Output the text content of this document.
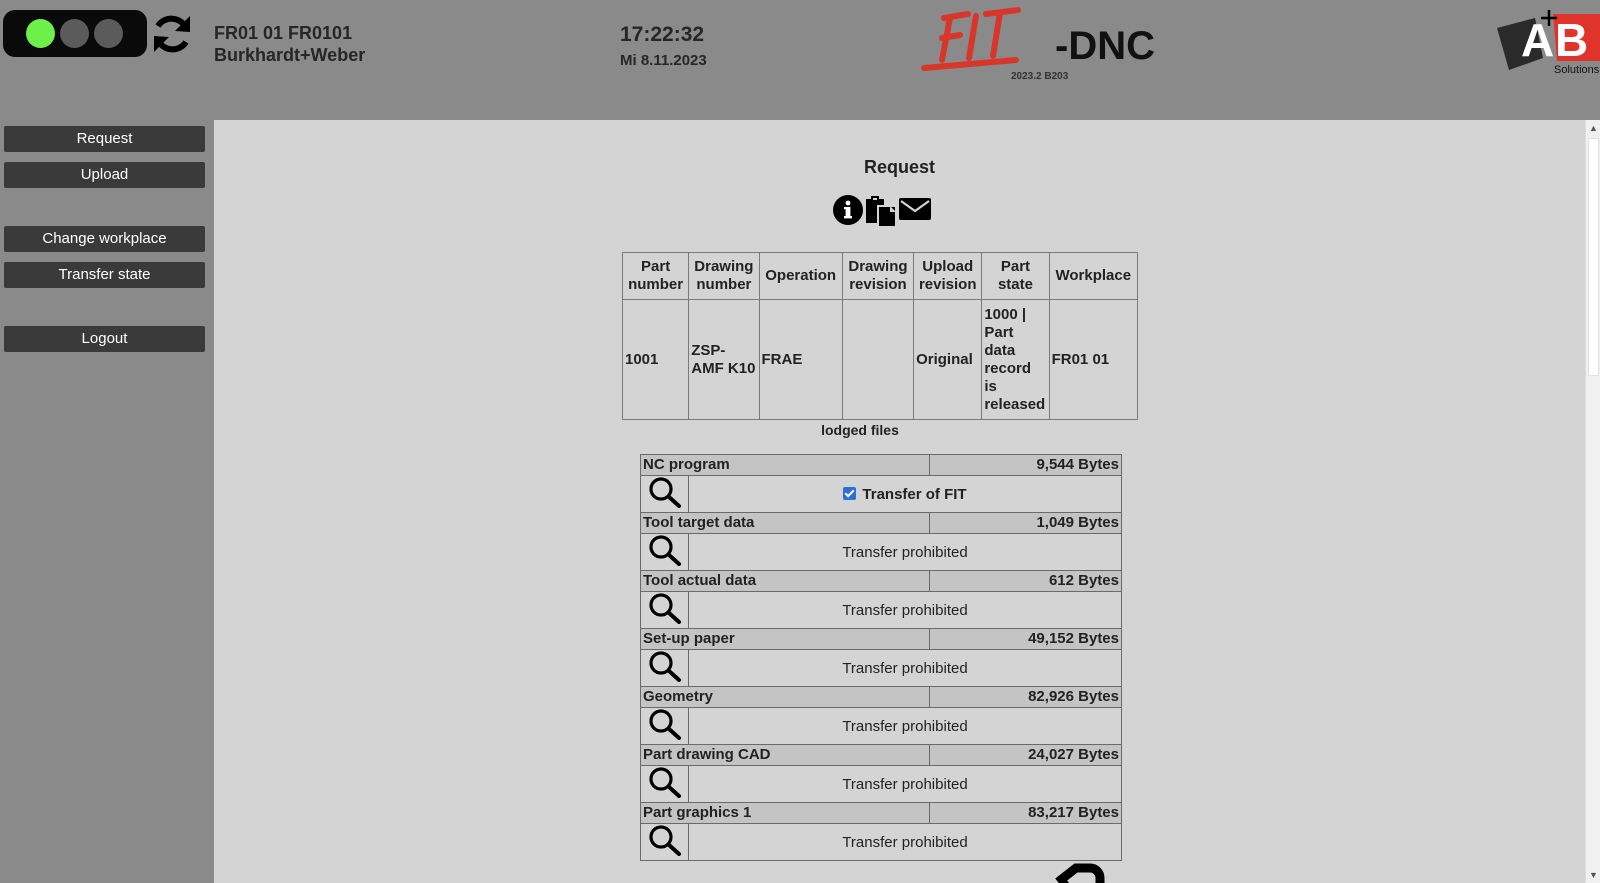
FR01 01 FR0101
Burkhardt+Weber
17:22:32
Mi 8.11.2023	-DNC
2023.2 B203
A B
Solutions
Request
Upload
Change workplace
Transfer state
Logout
Request
Part number	Drawing number	Operation	Drawing revision	Upload revision	Part state	Workplace
1001	ZSP-AMF K10	FRAE		Original	1000 | Part data record is released	FR01 01
lodged files
NC program		9,544 Bytes
	Transfer of FIT	
Tool target data		1,049 Bytes
	Transfer prohibited	
Tool actual data		612 Bytes
	Transfer prohibited	
Set-up paper		49,152 Bytes
	Transfer prohibited	
Geometry		82,926 Bytes
	Transfer prohibited	
Part drawing CAD		24,027 Bytes
	Transfer prohibited	
Part graphics 1		83,217 Bytes
	Transfer prohibited	
▲
▼
